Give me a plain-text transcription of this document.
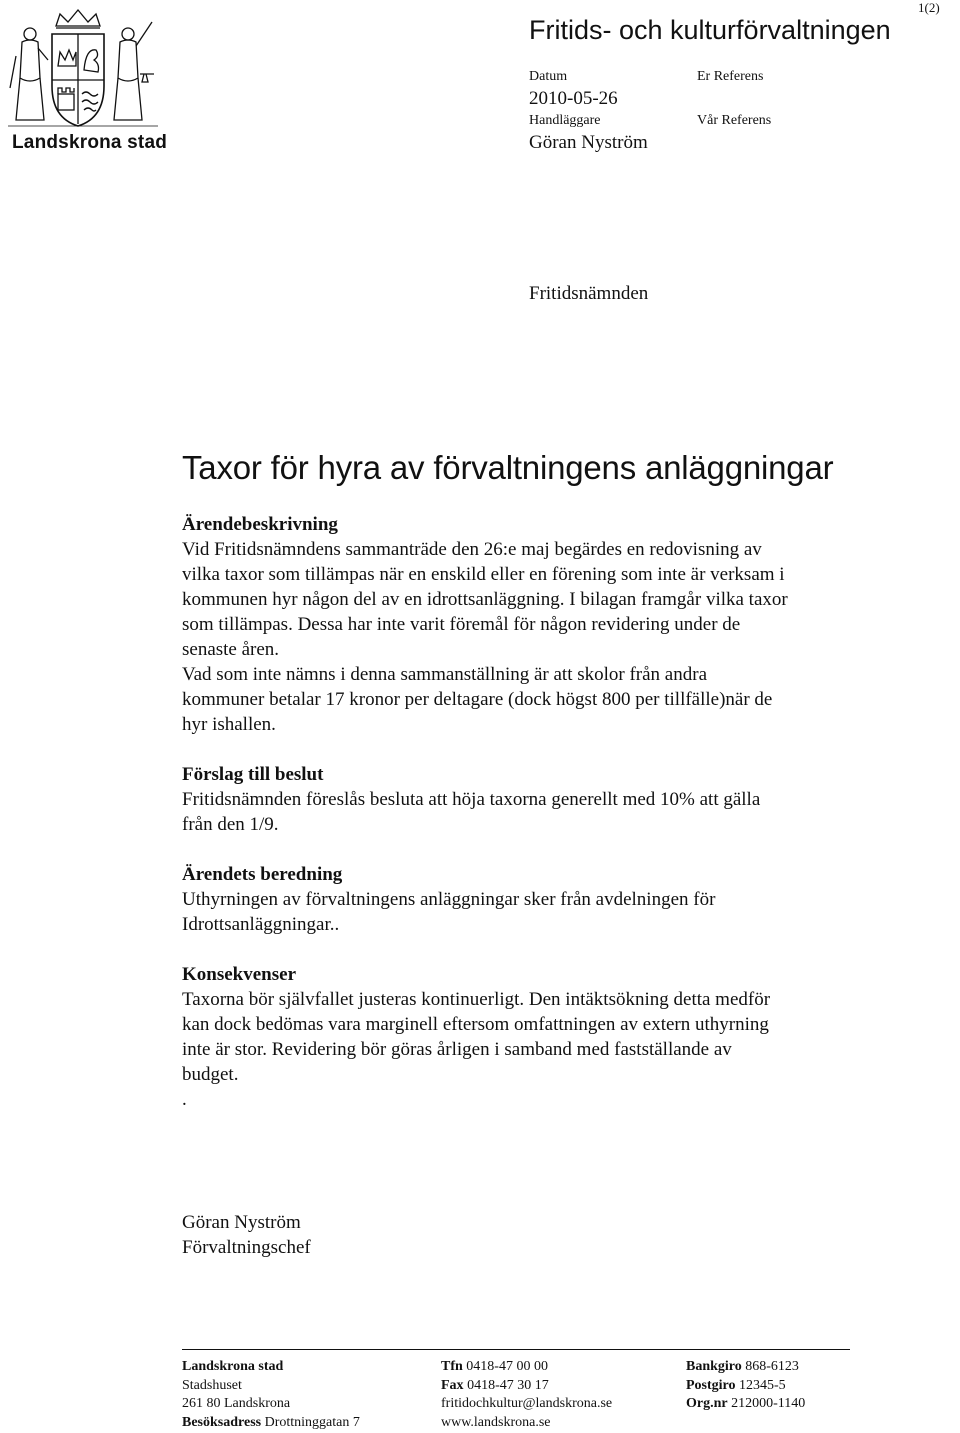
Landskrona stad
1(2)
Fritids- och kulturförvaltningen
Datum
2010-05-26
Handläggare
Göran Nyström
Er Referens
Vår Referens
Fritidsnämnden
Taxor för hyra av förvaltningens anläggningar

Ärendebeskrivning

Vid Fritidsnämndens sammanträde den 26:e maj begärdes en redovisning av
vilka taxor som tillämpas när en enskild eller en förening som inte är verksam i
kommunen hyr någon del av en idrottsanläggning. I bilagan framgår vilka taxor
som tillämpas. Dessa har inte varit föremål för någon revidering under de
senaste åren.
Vad som inte nämns i denna sammanställning är att skolor från andra
kommuner betalar 17 kronor per deltagare (dock högst 800 per tillfälle)när de
hyr ishallen.

Förslag till beslut

Fritidsnämnden föreslås besluta att höja taxorna generellt med 10% att gälla
från den 1/9.

Ärendets beredning

Uthyrningen av förvaltningens anläggningar sker från avdelningen för
Idrottsanläggningar..

Konsekvenser

Taxorna bör självfallet justeras kontinuerligt. Den intäktsökning detta medför
kan dock bedömas vara marginell eftersom omfattningen av extern uthyrning
inte är stor. Revidering bör göras årligen i samband med fastställande av
budget.
.
Göran Nyström
Förvaltningschef
Landskrona stad
Stadshuset
261 80 Landskrona
Besöksadress Drottninggatan 7
Tfn 0418-47 00 00
Fax 0418-47 30 17
fritidochkultur@landskrona.se
www.landskrona.se
Bankgiro 868-6123
Postgiro 12345-5
Org.nr 212000-1140
